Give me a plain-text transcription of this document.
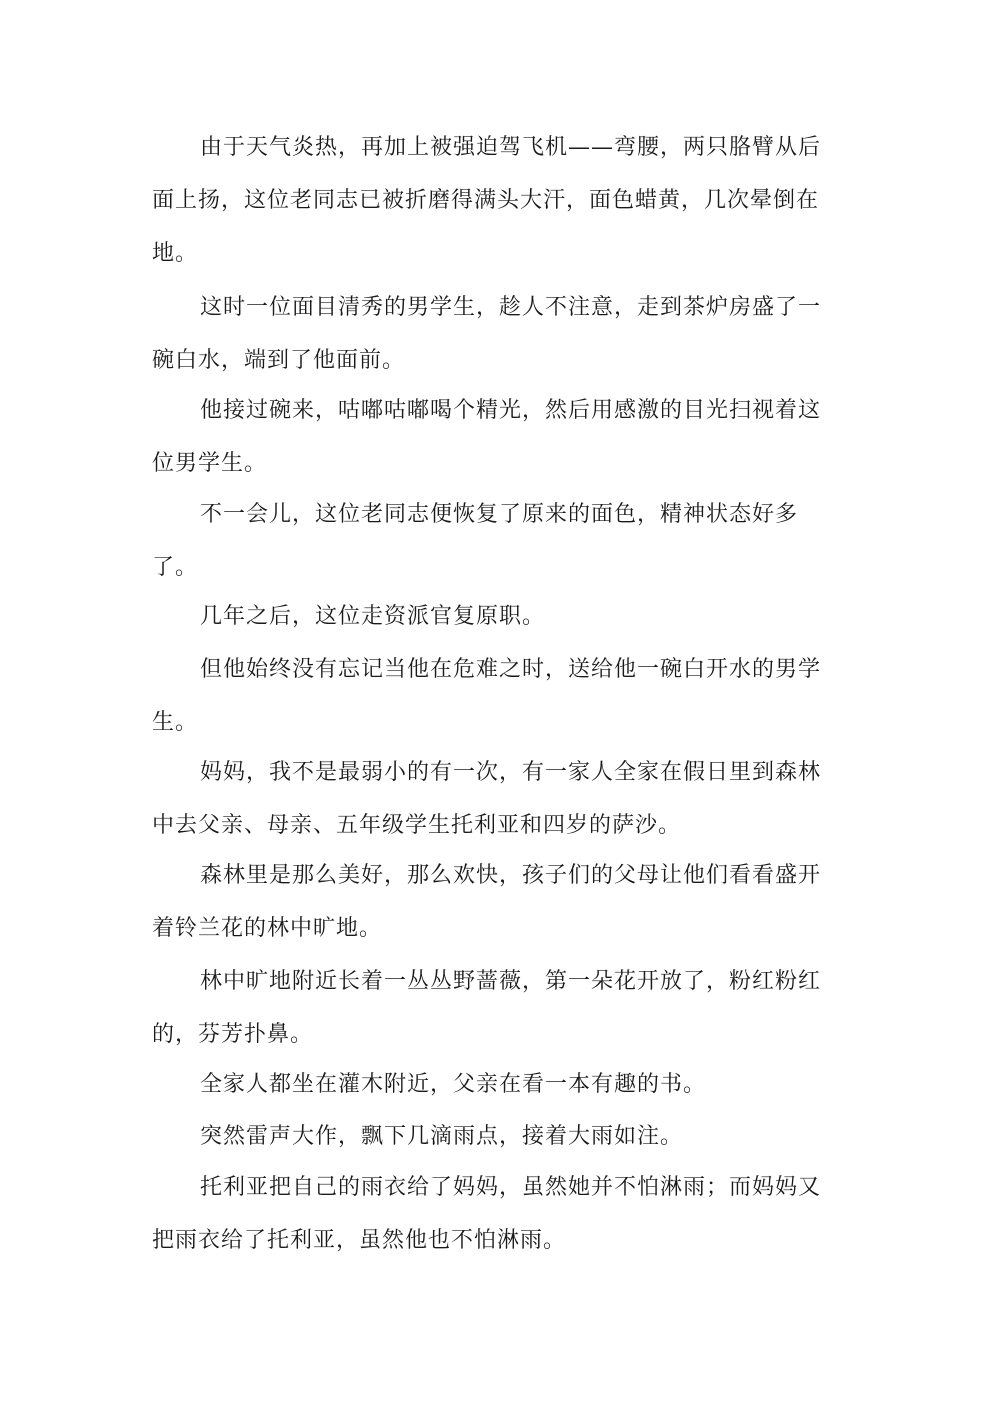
由于天气炎热，再加上被强迫驾飞机——弯腰，两只胳臂从后面上扬，这位老同志已被折磨得满头大汗，面色蜡黄，几次晕倒在地。

这时一位面目清秀的男学生，趁人不注意，走到茶炉房盛了一碗白水，端到了他面前。

他接过碗来，咕嘟咕嘟喝个精光，然后用感激的目光扫视着这位男学生。

不一会儿，这位老同志便恢复了原来的面色，精神状态好多了。

几年之后，这位走资派官复原职。

但他始终没有忘记当他在危难之时，送给他一碗白开水的男学生。

妈妈，我不是最弱小的有一次，有一家人全家在假日里到森林中去父亲、母亲、五年级学生托利亚和四岁的萨沙。

森林里是那么美好，那么欢快，孩子们的父母让他们看看盛开着铃兰花的林中旷地。

林中旷地附近长着一丛丛野蔷薇，第一朵花开放了，粉红粉红的，芬芳扑鼻。

全家人都坐在灌木附近，父亲在看一本有趣的书。

突然雷声大作，飘下几滴雨点，接着大雨如注。

托利亚把自己的雨衣给了妈妈，虽然她并不怕淋雨；而妈妈又把雨衣给了托利亚，虽然他也不怕淋雨。
